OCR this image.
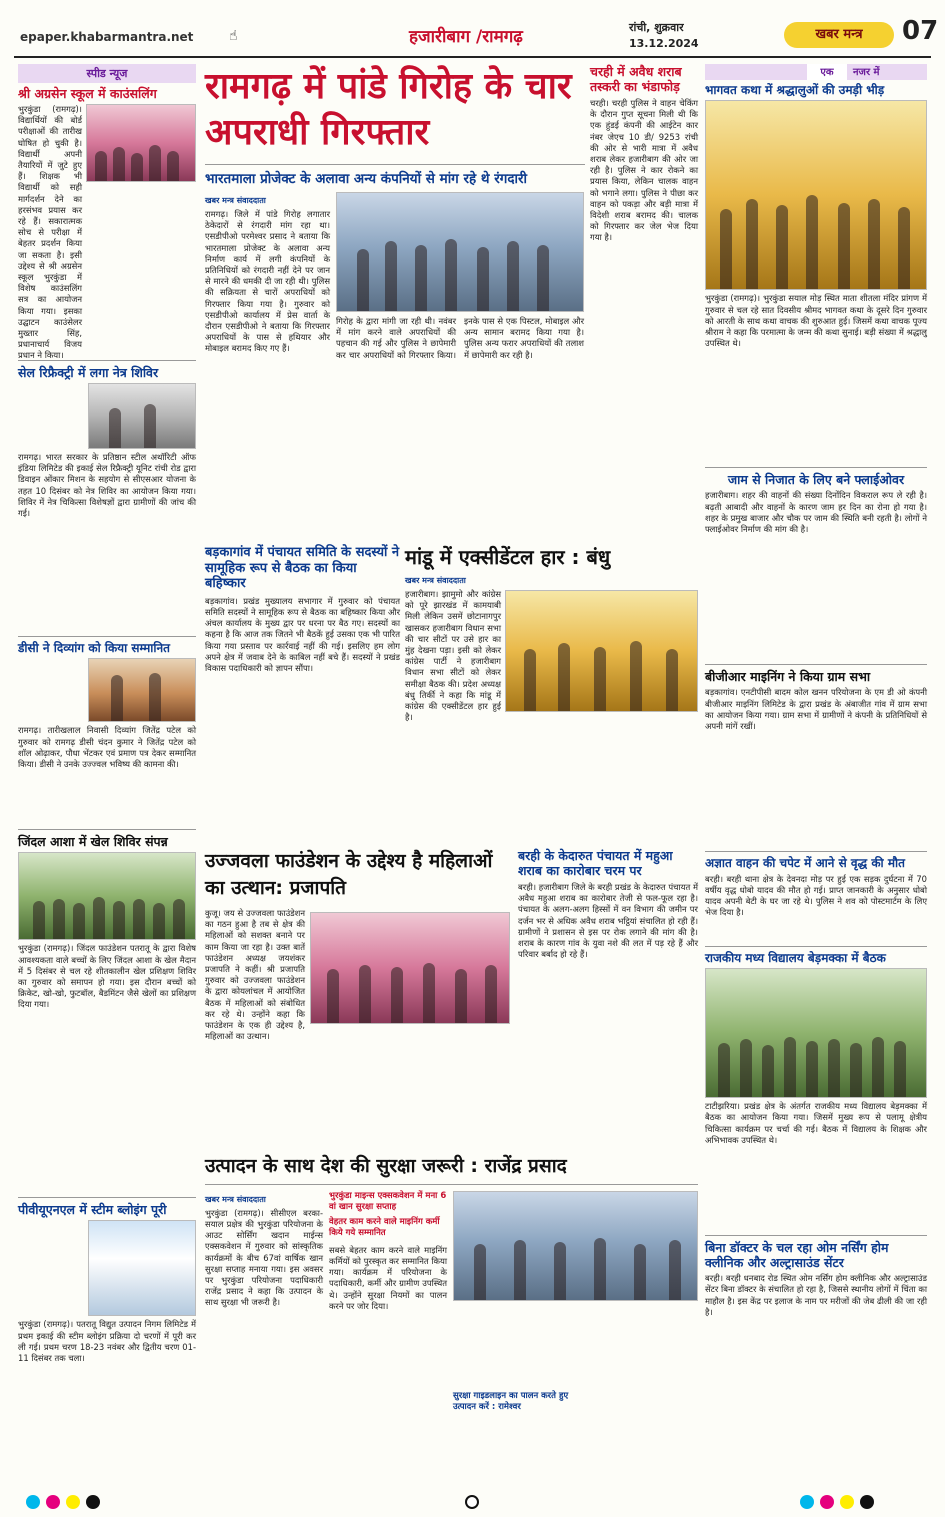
epaper.khabarmantra.net	☝	हजारीबाग /रामगढ़	रांची, शुक्रवार
13.12.2024
खबर मन्त्र	07
स्पीड न्यूज
श्री अग्रसेन स्कूल में काउंसलिंग
भुरकुंडा (रामगढ़)। विद्यार्थियों की बोर्ड परीक्षाओं की तारीख घोषित हो चुकी है। विद्यार्थी अपनी तैयारियों में जुटे हुए हैं। शिक्षक भी विद्यार्थी को सही मार्गदर्शन देने का हरसंभव प्रयास कर रहे हैं। सकारात्मक सोच से परीक्षा में बेहतर प्रदर्शन किया जा सकता है। इसी उद्देश्य से श्री अग्रसेन स्कूल भुरकुंडा में विशेष काउंसलिंग सत्र का आयोजन किया गया। इसका उद्घाटन काउंसेलर मुख्तार सिंह, प्रधानाचार्य विजय प्रधान ने किया।
सेल रिफ्रैक्ट्री में लगा नेत्र शिविर
रामगढ़। भारत सरकार के प्रतिष्ठान स्टील अथॉरिटी ऑफ इंडिया लिमिटेड की इकाई सेल रिफ्रैक्ट्री यूनिट रांची रोड द्वारा डिवाइन ओंकार मिशन के सहयोग से सीएसआर योजना के तहत 10 दिसंबर को नेत्र शिविर का आयोजन किया गया। शिविर में नेत्र चिकित्सा विशेषज्ञों द्वारा ग्रामीणों की जांच की गई।
डीसी ने दिव्यांग को किया सम्मानित
रामगढ़। तारीखलाल निवासी दिव्यांग जितेंद्र पटेल को गुरुवार को रामगढ़ डीसी चंदन कुमार ने जितेंद्र पटेल को शॉल ओढ़ाकर, पौधा भेंटकर एवं प्रमाण पत्र देकर सम्मानित किया। डीसी ने उनके उज्ज्वल भविष्य की कामना की।
जिंदल आशा में खेल शिविर संपन्न
भुरकुंडा (रामगढ़)। जिंदल फाउंडेशन पतरातू के द्वारा विशेष आवश्यकता वाले बच्चों के लिए जिंदल आशा के खेल मैदान में 5 दिसंबर से चल रहे शीतकालीन खेल प्रशिक्षण शिविर का गुरुवार को समापन हो गया। इस दौरान बच्चों को क्रिकेट, खो-खो, फुटबॉल, बैडमिंटन जैसे खेलों का प्रशिक्षण दिया गया।
पीवीयूएनएल में स्टीम ब्लोइंग पूरी
भुरकुंडा (रामगढ़)। पतरातू विद्युत उत्पादन निगम लिमिटेड में प्रथम इकाई की स्टीम ब्लोइंग प्रक्रिया दो चरणों में पूरी कर ली गई। प्रथम चरण 18-23 नवंबर और द्वितीय चरण 01-11 दिसंबर तक चला।
रामगढ़ में पांडे गिरोह के चार अपराधी गिरफ्तार
भारतमाला प्रोजेक्ट के अलावा अन्य कंपनियों से मांग रहे थे रंगदारी
खबर मन्त्र संवाददाता
रामगढ़। जिले में पांडे गिरोह लगातार ठेकेदारों से रंगदारी मांग रहा था। एसडीपीओ परमेश्वर प्रसाद ने बताया कि भारतमाला प्रोजेक्ट के अलावा अन्य निर्माण कार्य में लगी कंपनियों के प्रतिनिधियों को रंगदारी नहीं देने पर जान से मारने की धमकी दी जा रही थी। पुलिस की सक्रियता से चारों अपराधियों को गिरफ्तार किया गया है। गुरुवार को एसडीपीओ कार्यालय में प्रेस वार्ता के दौरान एसडीपीओ ने बताया कि गिरफ्तार अपराधियों के पास से हथियार और मोबाइल बरामद किए गए हैं।
गिरोह के द्वारा मांगी जा रही थी। नवंबर में मांग करने वाले अपराधियों की पहचान की गई और पुलिस ने छापेमारी कर चार अपराधियों को गिरफ्तार किया। इनके पास से एक पिस्टल, मोबाइल और अन्य सामान बरामद किया गया है। पुलिस अन्य फरार अपराधियों की तलाश में छापेमारी कर रही है।
चरही में अवैध शराब तस्करी का भंडाफोड़
चरही। चरही पुलिस ने वाहन चेकिंग के दौरान गुप्त सूचना मिली थी कि एक हुंडई कंपनी की आईटेन कार नंबर जेएच 10 डी/ 9253 रांची की ओर से भारी मात्रा में अवैध शराब लेकर हजारीबाग की ओर जा रही है। पुलिस ने कार रोकने का प्रयास किया, लेकिन चालक वाहन को भगाने लगा। पुलिस ने पीछा कर वाहन को पकड़ा और बड़ी मात्रा में विदेशी शराब बरामद की। चालक को गिरफ्तार कर जेल भेज दिया गया है।
बड़कागांव में पंचायत समिति के सदस्यों ने सामूहिक रूप से बैठक का किया बहिष्कार
बड़कागांव। प्रखंड मुख्यालय सभागार में गुरुवार को पंचायत समिति सदस्यों ने सामूहिक रूप से बैठक का बहिष्कार किया और अंचल कार्यालय के मुख्य द्वार पर धरना पर बैठ गए। सदस्यों का कहना है कि आज तक जितने भी बैठकें हुई उसका एक भी पारित किया गया प्रस्ताव पर कार्रवाई नहीं की गई। इसलिए हम लोग अपने क्षेत्र में जवाब देने के काबिल नहीं बचे हैं। सदस्यों ने प्रखंड विकास पदाधिकारी को ज्ञापन सौंपा।
मांडू में एक्सीडेंटल हार : बंधु
खबर मन्त्र संवाददाता
हजारीबाग। झामुमो और कांग्रेस को पूरे झारखंड में कामयाबी मिली लेकिन उसमें छोटानागपुर खासकर हजारीबाग विधान सभा की चार सीटों पर उसे हार का मुंह देखना पड़ा। इसी को लेकर कांग्रेस पार्टी ने हजारीबाग विधान सभा सीटों को लेकर समीक्षा बैठक की। प्रदेश अध्यक्ष बंधु तिर्की ने कहा कि मांडू में कांग्रेस की एक्सीडेंटल हार हुई है।
उज्जवला फाउंडेशन के उद्देश्य है महिलाओं का उत्थान: प्रजापति
कुजू। जय से उज्जवला फाउंडेशन का गठन हुआ है तब से क्षेत्र की महिलाओं को सशक्त बनाने पर काम किया जा रहा है। उक्त बातें फाउंडेशन अध्यक्ष जयशंकर प्रजापति ने कहीं। श्री प्रजापति गुरुवार को उज्जवला फाउंडेशन के द्वारा कोयलांचल में आयोजित बैठक में महिलाओं को संबोधित कर रहे थे। उन्होंने कहा कि फाउंडेशन के एक ही उद्देश्य है, महिलाओं का उत्थान।
बरही के केदारुत पंचायत में महुआ शराब का कारोबार चरम पर
बरही। हजारीबाग जिले के बरही प्रखंड के केदारुत पंचायत में अवैध महुआ शराब का कारोबार तेजी से फल-फूल रहा है। पंचायत के अलग-अलग हिस्सों में वन विभाग की जमीन पर दर्जन भर से अधिक अवैध शराब भट्ठियां संचालित हो रही हैं। ग्रामीणों ने प्रशासन से इस पर रोक लगाने की मांग की है। शराब के कारण गांव के युवा नशे की लत में पड़ रहे हैं और परिवार बर्बाद हो रहे हैं।
उत्पादन के साथ देश की सुरक्षा जरूरी : राजेंद्र प्रसाद
खबर मन्त्र संवाददाता
भुरकुंडा (रामगढ़)। सीसीएल बरका-सयाल प्रक्षेत्र की भुरकुंडा परियोजना के आउट सोर्सिंग खदान माईन्स एक्सकवेशन में गुरुवार को सांस्कृतिक कार्यक्रमों के बीच 67वां वार्षिक खान सुरक्षा सप्ताह मनाया गया। इस अवसर पर भुरकुंडा परियोजना पदाधिकारी राजेंद्र प्रसाद ने कहा कि उत्पादन के साथ सुरक्षा भी जरूरी है।
भुरकुंडा माइन्स एक्सकवेशन में मना 6 वां खान सुरक्षा सप्ताह
वेहतर काम करने वाले माइनिंग कर्मी किये गये सम्मानित
सबसे बेहतर काम करने वाले माइनिंग कर्मियों को पुरस्कृत कर सम्मानित किया गया। कार्यक्रम में परियोजना के पदाधिकारी, कर्मी और ग्रामीण उपस्थित थे। उन्होंने सुरक्षा नियमों का पालन करने पर जोर दिया।
सुरक्षा गाइडलाइन का पालन करते हुए उत्पादन करें : रामेश्वर
एक	नजर में
भागवत कथा में श्रद्धालुओं की उमड़ी भीड़
भुरकुंडा (रामगढ़)। भुरकुंडा सयाल मोड़ स्थित माता शीतला मंदिर प्रांगण में गुरुवार से चल रहे सात दिवसीय श्रीमद भागवत कथा के दूसरे दिन गुरुवार को आरती के साथ कथा वाचक की शुरुआत हुई। जिसमें कथा वाचक पूज्य श्रीराम ने कहा कि परमात्मा के जन्म की कथा सुनाई। बड़ी संख्या में श्रद्धालु उपस्थित थे।
जाम से निजात के लिए बने फ्लाईओवर
हजारीबाग। शहर की वाहनों की संख्या दिनोंदिन विकराल रूप ले रही है। बढ़ती आबादी और वाहनों के कारण जाम हर दिन का रोना हो गया है। शहर के प्रमुख बाजार और चौक पर जाम की स्थिति बनी रहती है। लोगों ने फ्लाईओवर निर्माण की मांग की है।
बीजीआर माइनिंग ने किया ग्राम सभा
बड़कागांव। एनटीपीसी बादम कोल खनन परियोजना के एम डी ओ कंपनी बीजीआर माइनिंग लिमिटेड के द्वारा प्रखंड के अंबाजीत गांव में ग्राम सभा का आयोजन किया गया। ग्राम सभा में ग्रामीणों ने कंपनी के प्रतिनिधियों से अपनी मांगें रखीं।
अज्ञात वाहन की चपेट में आने से वृद्ध की मौत
बरही। बरही थाना क्षेत्र के देवनदा मोड़ पर हुई एक सड़क दुर्घटना में 70 वर्षीय वृद्ध धोबो यादव की मौत हो गई। प्राप्त जानकारी के अनुसार धोबो यादव अपनी बेटी के घर जा रहे थे। पुलिस ने शव को पोस्टमार्टम के लिए भेज दिया है।
राजकीय मध्य विद्यालय बेड़मक्का में बैठक
टाटीझरिया। प्रखंड क्षेत्र के अंतर्गत राजकीय मध्य विद्यालय बेड़मक्का में बैठक का आयोजन किया गया। जिसमें मुख्य रूप से पलामू क्षेत्रीय चिकित्सा कार्यक्रम पर चर्चा की गई। बैठक में विद्यालय के शिक्षक और अभिभावक उपस्थित थे।
बिना डॉक्टर के चल रहा ओम नर्सिंग होम क्लीनिक और अल्ट्रासाउंड सेंटर
बरही। बरही धनबाद रोड स्थित ओम नर्सिंग होम क्लीनिक और अल्ट्रासाउंड सेंटर बिना डॉक्टर के संचालित हो रहा है, जिससे स्थानीय लोगों में चिंता का माहौल है। इस केंद्र पर इलाज के नाम पर मरीजों की जेब ढीली की जा रही है।
